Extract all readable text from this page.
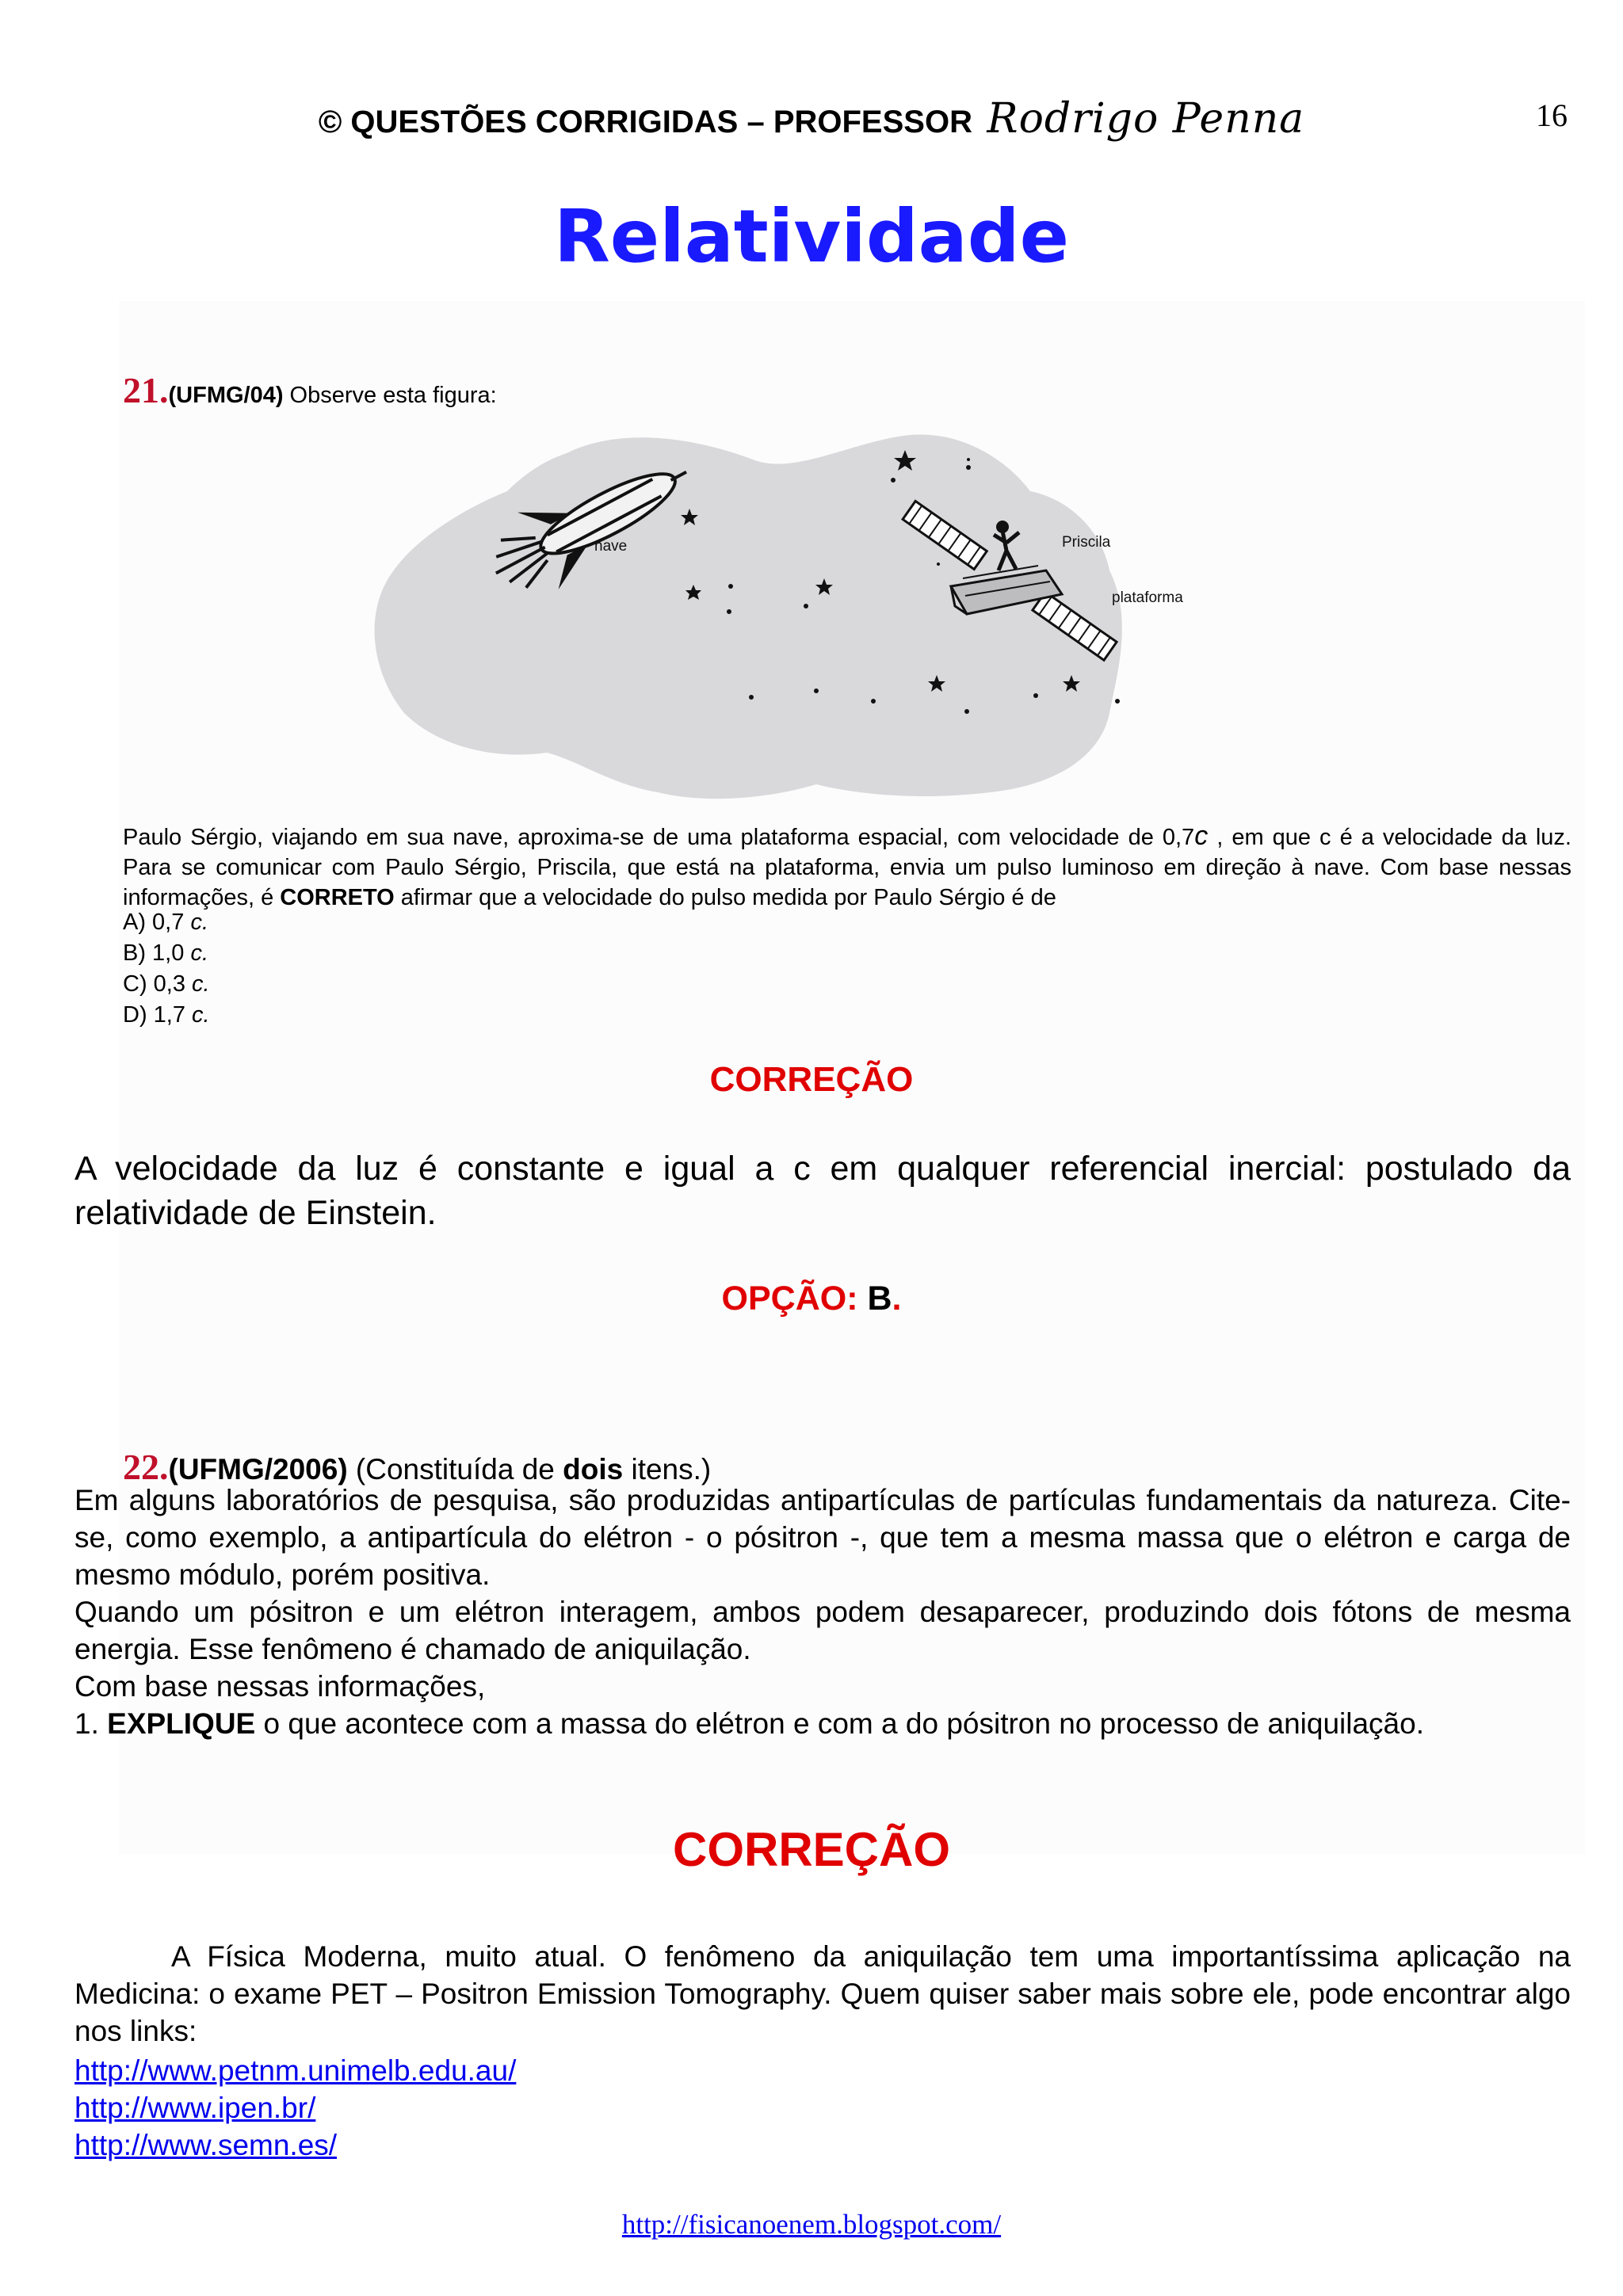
© QUESTÕES CORRIGIDAS – PROFESSOR Rodrigo Penna	16
Relatividade
21.(UFMG/04) Observe esta figura:
nave	Priscila
plataforma
Paulo Sérgio, viajando em sua nave, aproxima-se de uma plataforma espacial, com velocidade de 0,7c , em que c é a velocidade da luz. Para se comunicar com Paulo Sérgio, Priscila, que está na plataforma, envia um pulso luminoso em direção à nave. Com base nessas informações, é CORRETO afirmar que a velocidade do pulso medida por Paulo Sérgio é de
A) 0,7 c.
B) 1,0 c.
C) 0,3 c.
D) 1,7 c.
CORREÇÃO
A velocidade da luz é constante e igual a c em qualquer referencial inercial: postulado da relatividade de Einstein.
OPÇÃO: B.
22.(UFMG/2006) (Constituída de dois itens.)
Em alguns laboratórios de pesquisa, são produzidas antipartículas de partículas fundamentais da natureza. Cite-se, como exemplo, a antipartícula do elétron - o pósitron -, que tem a mesma massa que o elétron e carga de mesmo módulo, porém positiva.
Quando um pósitron e um elétron interagem, ambos podem desaparecer, produzindo dois fótons de mesma energia. Esse fenômeno é chamado de aniquilação.
Com base nessas informações,
1. EXPLIQUE o que acontece com a massa do elétron e com a do pósitron no processo de aniquilação.
CORREÇÃO
A Física Moderna, muito atual. O fenômeno da aniquilação tem uma importantíssima aplicação na Medicina: o exame PET – Positron Emission Tomography. Quem quiser saber mais sobre ele, pode encontrar algo nos links:
http://www.petnm.unimelb.edu.au/
http://www.ipen.br/
http://www.semn.es/
http://fisicanoenem.blogspot.com/
